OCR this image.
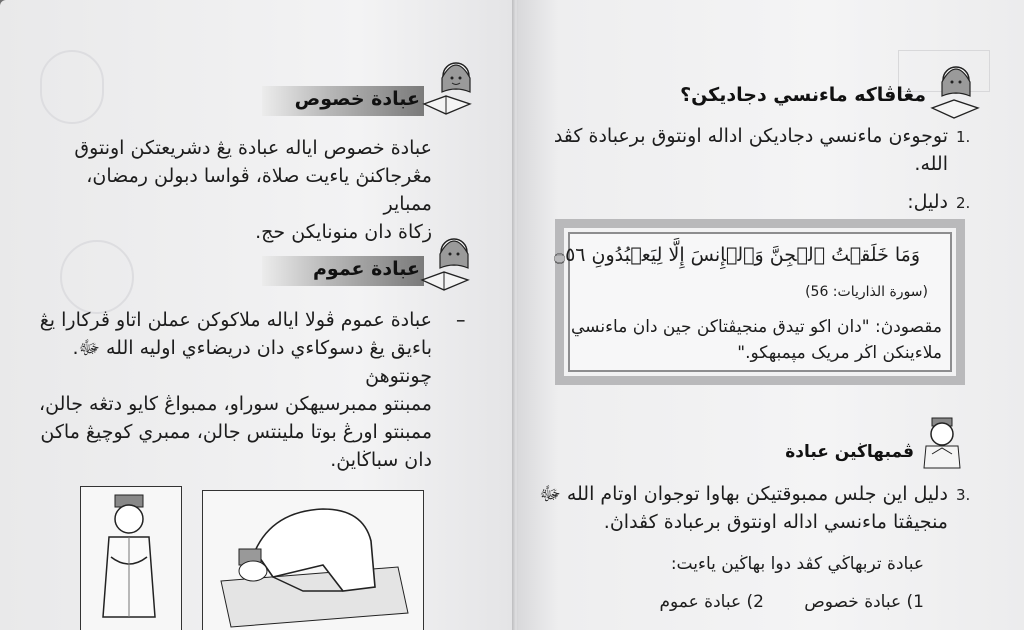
عبادة خصوص
عبادة خصوص اياله عبادة يڠ دشريعتكن اونتوق
مڠرجاكنڽ ياءيت صلاة، ڤواسا دبولن رمضان، ممباير
زكاة دان منونايكن حج.
عبادة عموم
–
عبادة عموم ڤولا اياله ملاكوكن عملن اتاو ڤركارا يڠ
باءيق يڠ دسوكاءي دان دريضاءي اوليه الله ﷻ. چونتوهڽ
ممبنتو ممبرسيهكن سوراو، ممبواڠ كايو دتڠه جالن،
ممبنتو اورڠ بوتا ملينتس جالن، ممبري كوچيڠ ماكن
دان سباڬايڽ.
مڠاڤاكه ماءنسي دجاديكن؟
1.
توجوءن ماءنسي دجاديكن اداله اونتوق برعبادة كڤد
الله.
2.
دليل:
وَمَا خَلَقۡتُ ٱلۡجِنَّ وَٱلۡإِنسَ إِلَّا لِيَعۡبُدُونِ ۝٥٦
(سورة الذاريات: 56)
مقصودڽ: "دان اكو تيدق منجيڤتاكن جين دان ماءنسي
ملاءينكن اڬر مريک مپمبهكو."
ڤمبهاڬين عبادة
3.
دليل اين جلس ممبوقتيكن بهاوا توجوان اوتام الله ﷻ
منجيڤتا ماءنسي اداله اونتوق برعبادة كڤداڽ.
عبادة تربهاڬي كڤد دوا بهاڬين ياءيت:
1) عبادة خصوص
2) عبادة عموم
